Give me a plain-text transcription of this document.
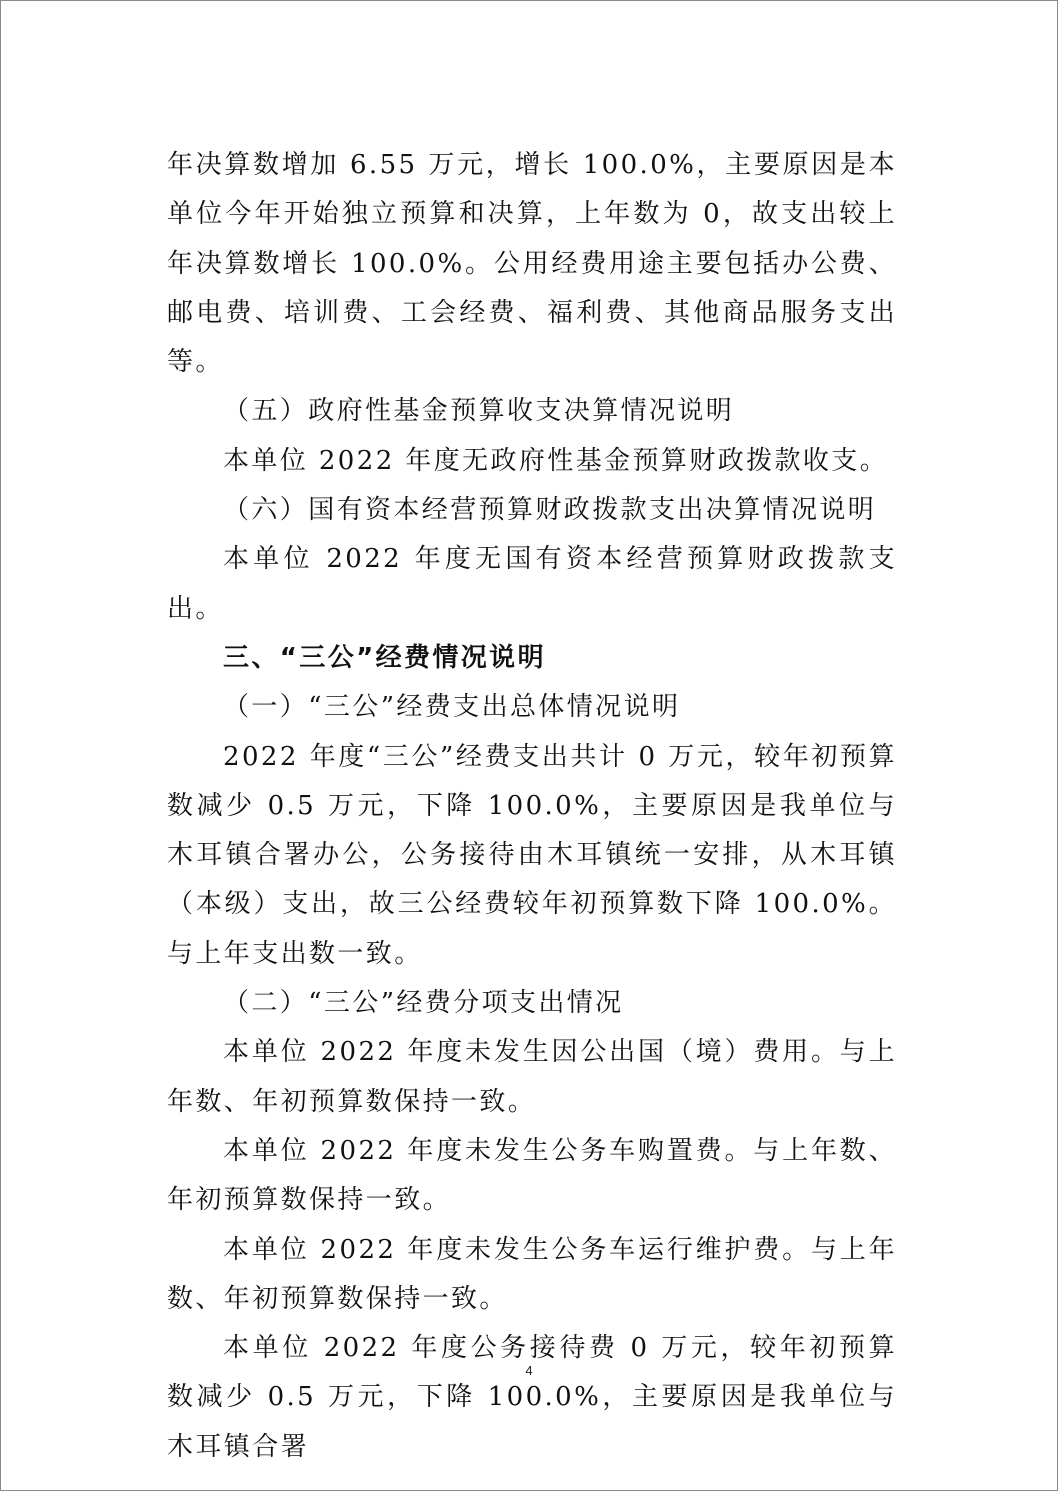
年决算数增加 6.55 万元，增长 100.0%，主要原因是本单位今年开始独立预算和决算，上年数为 0，故支出较上年决算数增长 100.0%。公用经费用途主要包括办公费、邮电费、培训费、工会经费、福利费、其他商品服务支出等。

（五）政府性基金预算收支决算情况说明

本单位 2022 年度无政府性基金预算财政拨款收支。

（六）国有资本经营预算财政拨款支出决算情况说明

本单位 2022 年度无国有资本经营预算财政拨款支出。

三、“三公”经费情况说明

（一）“三公”经费支出总体情况说明

2022 年度“三公”经费支出共计 0 万元，较年初预算数减少 0.5 万元，下降 100.0%，主要原因是我单位与木耳镇合署办公，公务接待由木耳镇统一安排，从木耳镇（本级）支出，故三公经费较年初预算数下降 100.0%。与上年支出数一致。

（二）“三公”经费分项支出情况

本单位 2022 年度未发生因公出国（境）费用。与上年数、年初预算数保持一致。

本单位 2022 年度未发生公务车购置费。与上年数、年初预算数保持一致。

本单位 2022 年度未发生公务车运行维护费。与上年数、年初预算数保持一致。

本单位 2022 年度公务接待费 0 万元，较年初预算数减少 0.5 万元，下降 100.0%，主要原因是我单位与木耳镇合署

4
